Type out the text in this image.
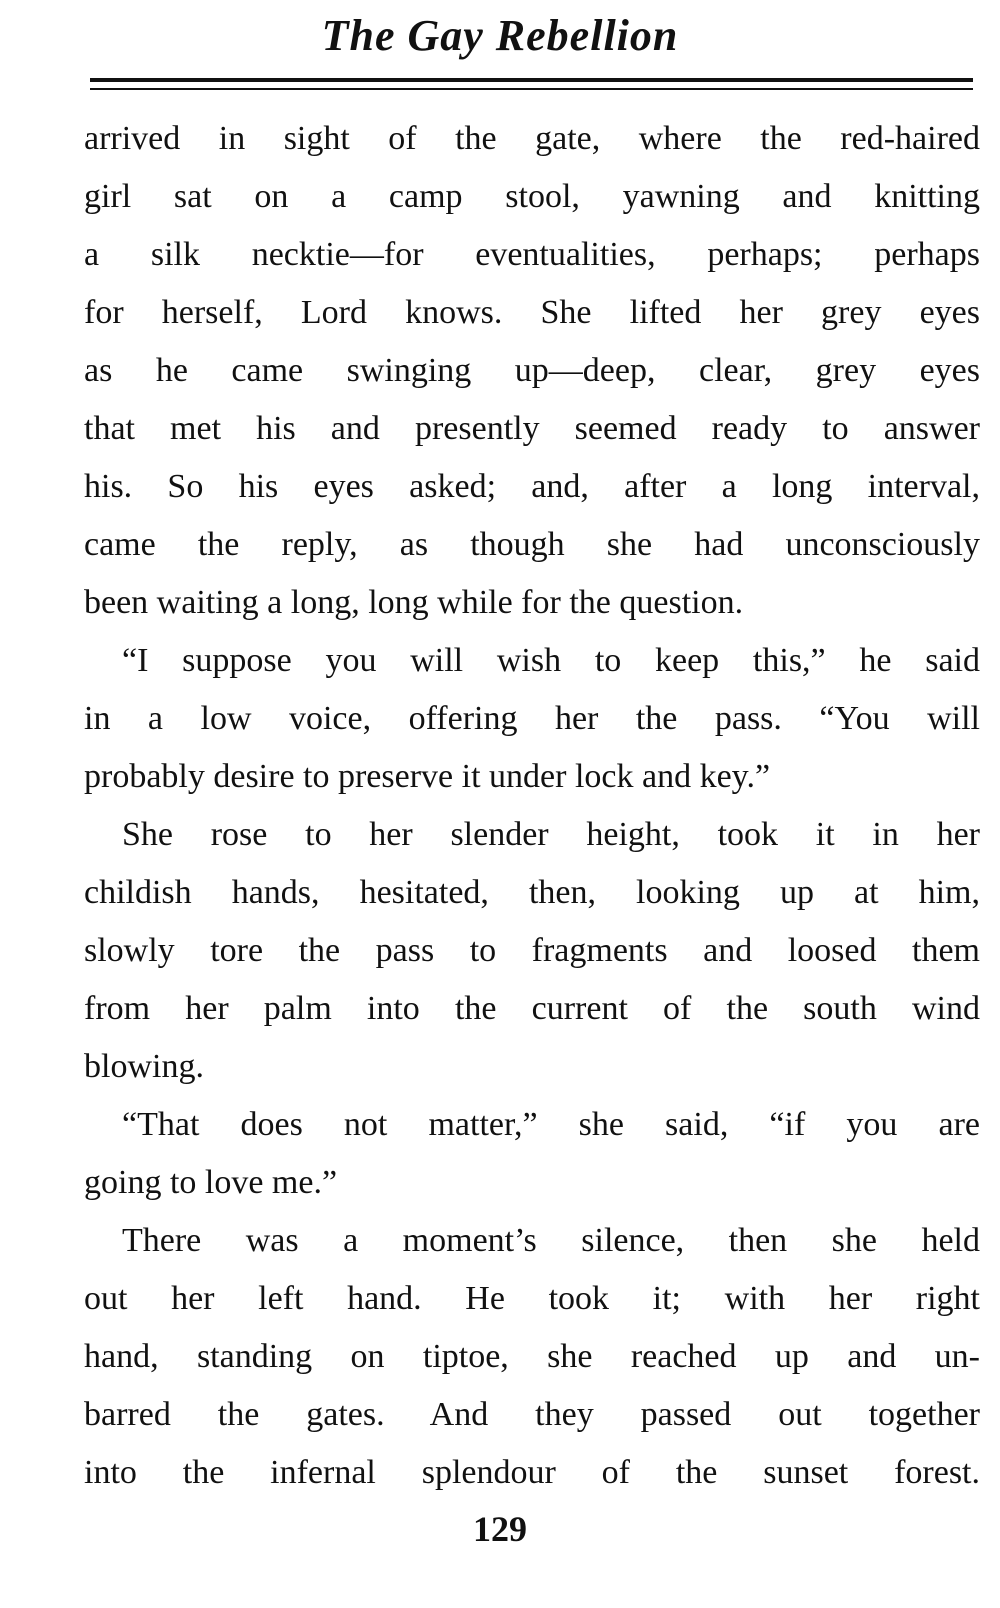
The Gay Rebellion
arrived in sight of the gate, where the red-haired
girl sat on a camp stool, yawning and knitting
a silk necktie—for eventualities, perhaps; perhaps
for herself, Lord knows. She lifted her grey eyes
as he came swinging up—deep, clear, grey eyes
that met his and presently seemed ready to answer
his. So his eyes asked; and, after a long interval,
came the reply, as though she had unconsciously
been waiting a long, long while for the question.
“I suppose you will wish to keep this,” he said
in a low voice, offering her the pass. “You will
probably desire to preserve it under lock and key.”
She rose to her slender height, took it in her
childish hands, hesitated, then, looking up at him,
slowly tore the pass to fragments and loosed them
from her palm into the current of the south wind
blowing.
“That does not matter,” she said, “if you are
going to love me.”
There was a moment’s silence, then she held
out her left hand. He took it; with her right
hand, standing on tiptoe, she reached up and un-
barred the gates. And they passed out together
into the infernal splendour of the sunset forest.
129
